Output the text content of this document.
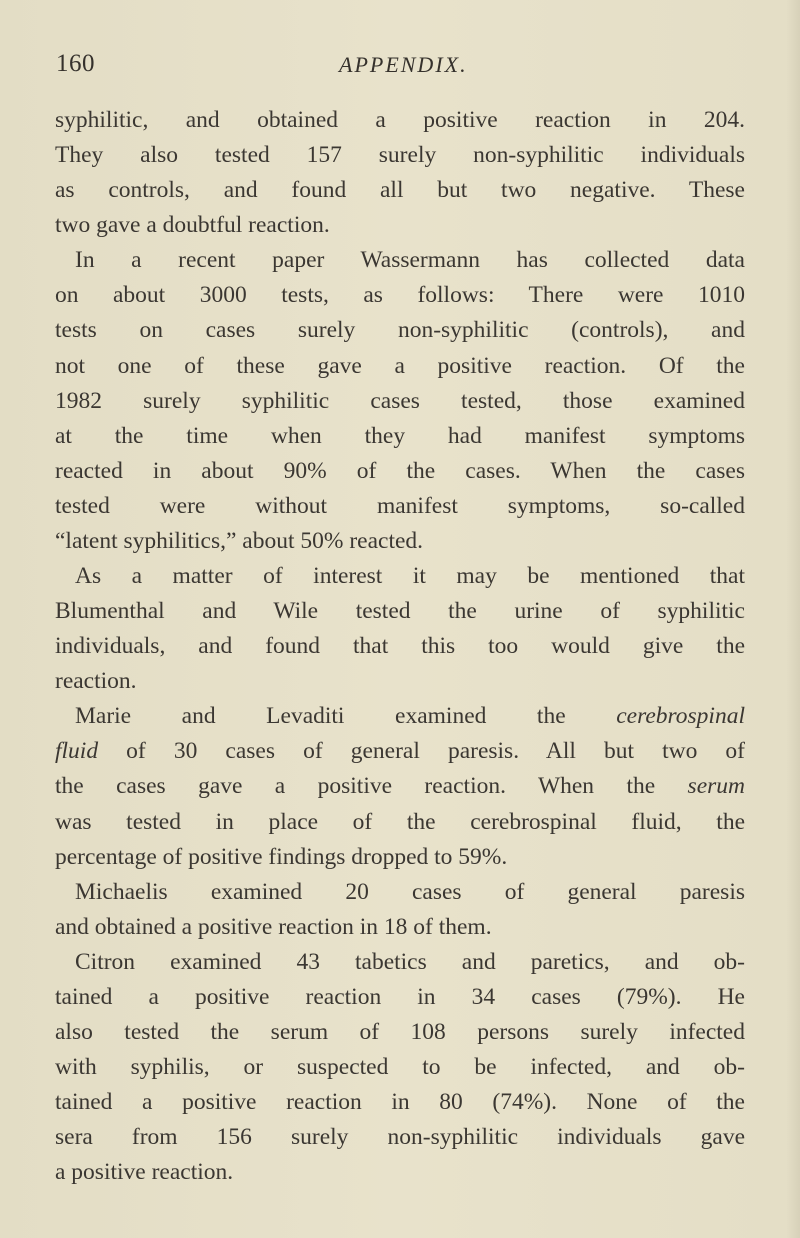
160	APPENDIX.
syphilitic, and obtained a positive reaction in 204.
They also tested 157 surely non-syphilitic individuals
as controls, and found all but two negative. These
two gave a doubtful reaction.
In a recent paper Wassermann has collected data
on about 3000 tests, as follows: There were 1010
tests on cases surely non-syphilitic (controls), and
not one of these gave a positive reaction. Of the
1982 surely syphilitic cases tested, those examined
at the time when they had manifest symptoms
reacted in about 90% of the cases. When the cases
tested were without manifest symptoms, so-called
“latent syphilitics,” about 50% reacted.
As a matter of interest it may be mentioned that
Blumenthal and Wile tested the urine of syphilitic
individuals, and found that this too would give the
reaction.
Marie and Levaditi examined the cerebrospinal
fluid of 30 cases of general paresis. All but two of
the cases gave a positive reaction. When the serum
was tested in place of the cerebrospinal fluid, the
percentage of positive findings dropped to 59%.
Michaelis examined 20 cases of general paresis
and obtained a positive reaction in 18 of them.
Citron examined 43 tabetics and paretics, and ob-
tained a positive reaction in 34 cases (79%). He
also tested the serum of 108 persons surely infected
with syphilis, or suspected to be infected, and ob-
tained a positive reaction in 80 (74%). None of the
sera from 156 surely non-syphilitic individuals gave
a positive reaction.
